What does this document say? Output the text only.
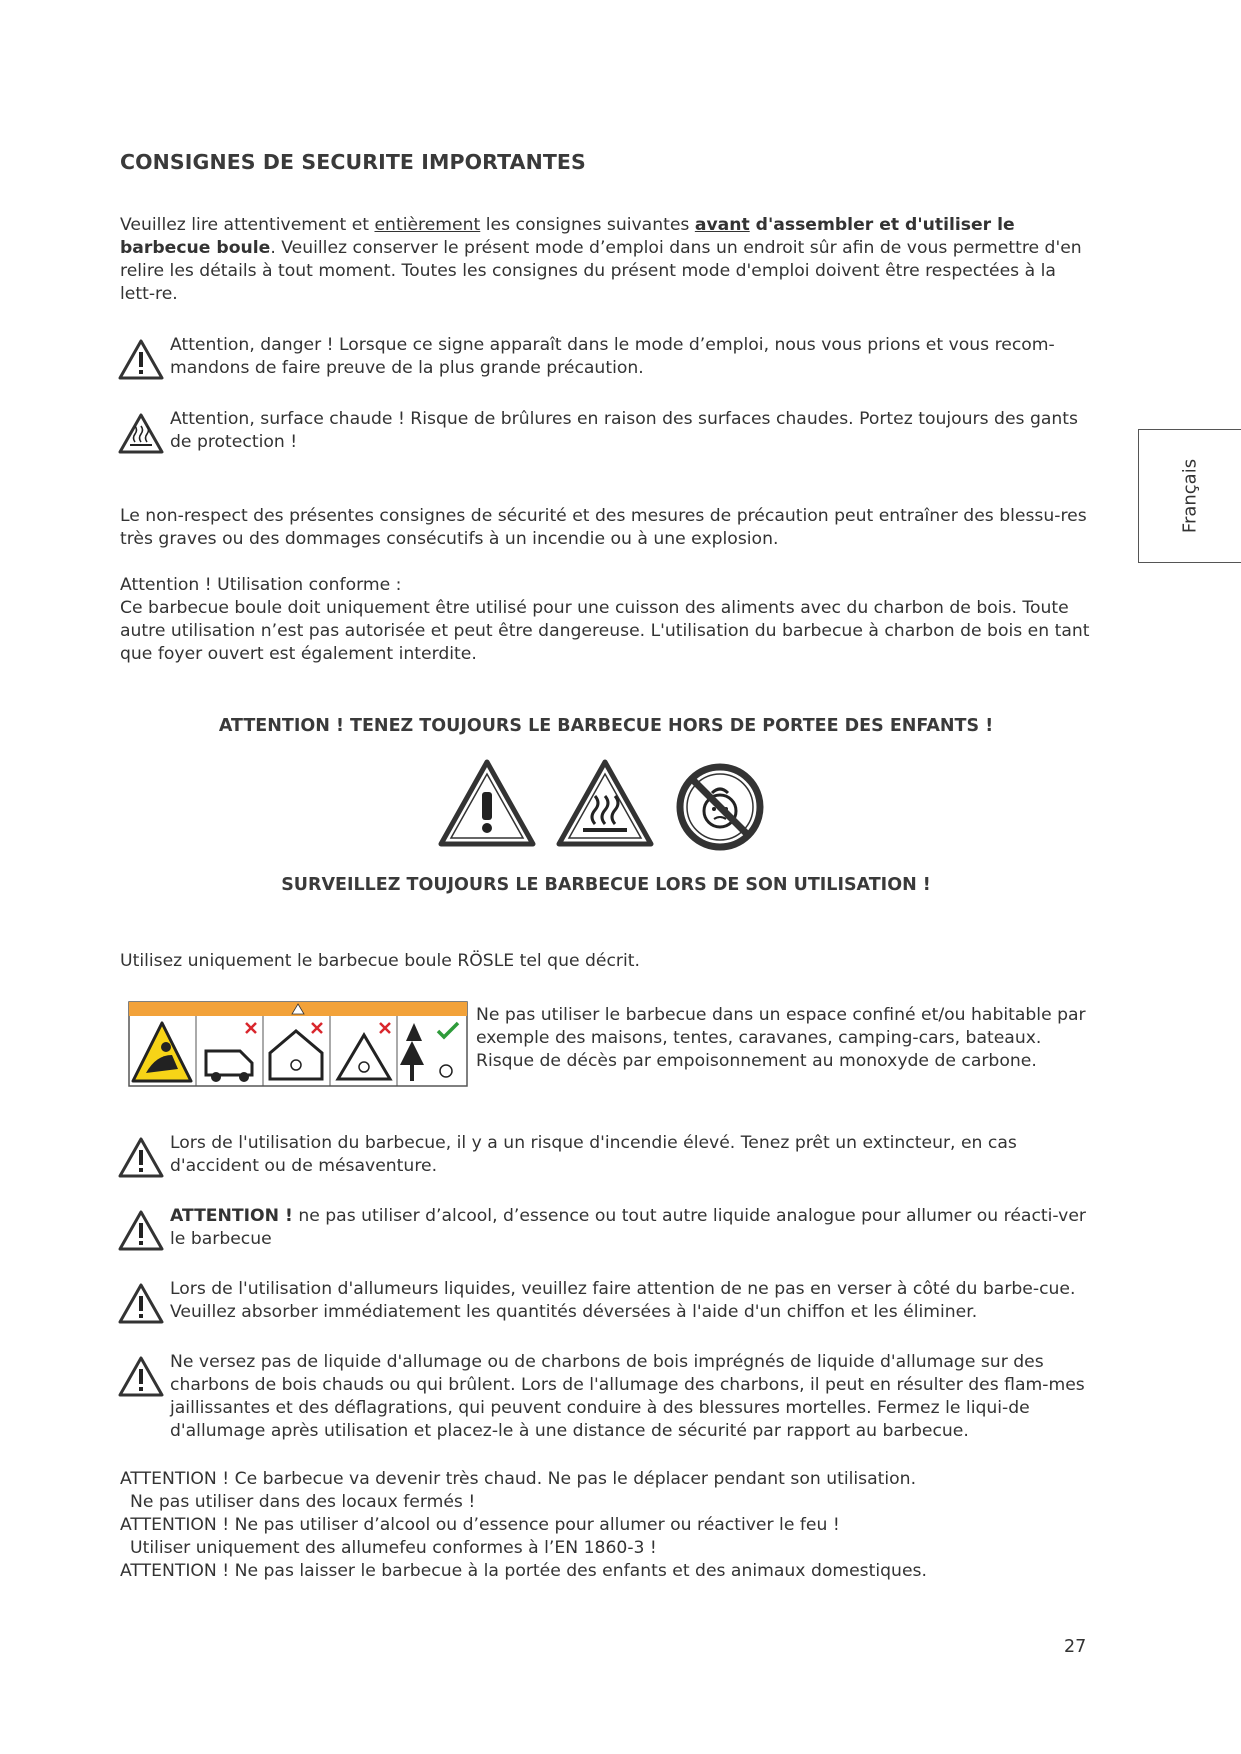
CONSIGNES DE SECURITE IMPORTANTES
Veuillez lire attentivement et entièrement les consignes suivantes avant d'assembler et d'utiliser le barbecue boule. Veuillez conserver le présent mode d’emploi dans un endroit sûr afin de vous permettre d'en relire les détails à tout moment. Toutes les consignes du présent mode d'emploi doivent être respectées à la lett-re.
Attention, danger ! Lorsque ce signe apparaît dans le mode d’emploi, nous vous prions et vous recom-mandons de faire preuve de la plus grande précaution.
Attention, surface chaude ! Risque de brûlures en raison des surfaces chaudes. Portez toujours des gants de protection !
Français
Le non-respect des présentes consignes de sécurité et des mesures de précaution peut entraîner des blessu-res très graves ou des dommages consécutifs à un incendie ou à une explosion.
Attention ! Utilisation conforme :
Ce barbecue boule doit uniquement être utilisé pour une cuisson des aliments avec du charbon de bois. Toute autre utilisation n’est pas autorisée et peut être dangereuse. L'utilisation du barbecue à charbon de bois en tant que foyer ouvert est également interdite.
ATTENTION ! TENEZ TOUJOURS LE BARBECUE HORS DE PORTEE DES ENFANTS !
SURVEILLEZ TOUJOURS LE BARBECUE LORS DE SON UTILISATION !
Utilisez uniquement le barbecue boule RÖSLE tel que décrit.
Ne pas utiliser le barbecue dans un espace confiné et/ou habitable par exemple des maisons, tentes, caravanes, camping-cars, bateaux. Risque de décès par empoisonnement au monoxyde de carbone.
Lors de l'utilisation du barbecue, il y a un risque d'incendie élevé. Tenez prêt un extincteur, en cas d'accident ou de mésaventure.
ATTENTION ! ne pas utiliser d’alcool, d’essence ou tout autre liquide analogue pour allumer ou réacti-ver le barbecue
Lors de l'utilisation d'allumeurs liquides, veuillez faire attention de ne pas en verser à côté du barbe-cue. Veuillez absorber immédiatement les quantités déversées à l'aide d'un chiffon et les éliminer.
Ne versez pas de liquide d'allumage ou de charbons de bois imprégnés de liquide d'allumage sur des charbons de bois chauds ou qui brûlent. Lors de l'allumage des charbons, il peut en résulter des flam-mes jaillissantes et des déflagrations, qui peuvent conduire à des blessures mortelles. Fermez le liqui-de d'allumage après utilisation et placez-le à une distance de sécurité par rapport au barbecue.
ATTENTION ! Ce barbecue va devenir très chaud. Ne pas le déplacer pendant son utilisation.
Ne pas utiliser dans des locaux fermés !
ATTENTION ! Ne pas utiliser d’alcool ou d’essence pour allumer ou réactiver le feu !
Utiliser uniquement des allumefeu conformes à l’EN 1860-3 !
ATTENTION ! Ne pas laisser le barbecue à la portée des enfants et des animaux domestiques.
27
